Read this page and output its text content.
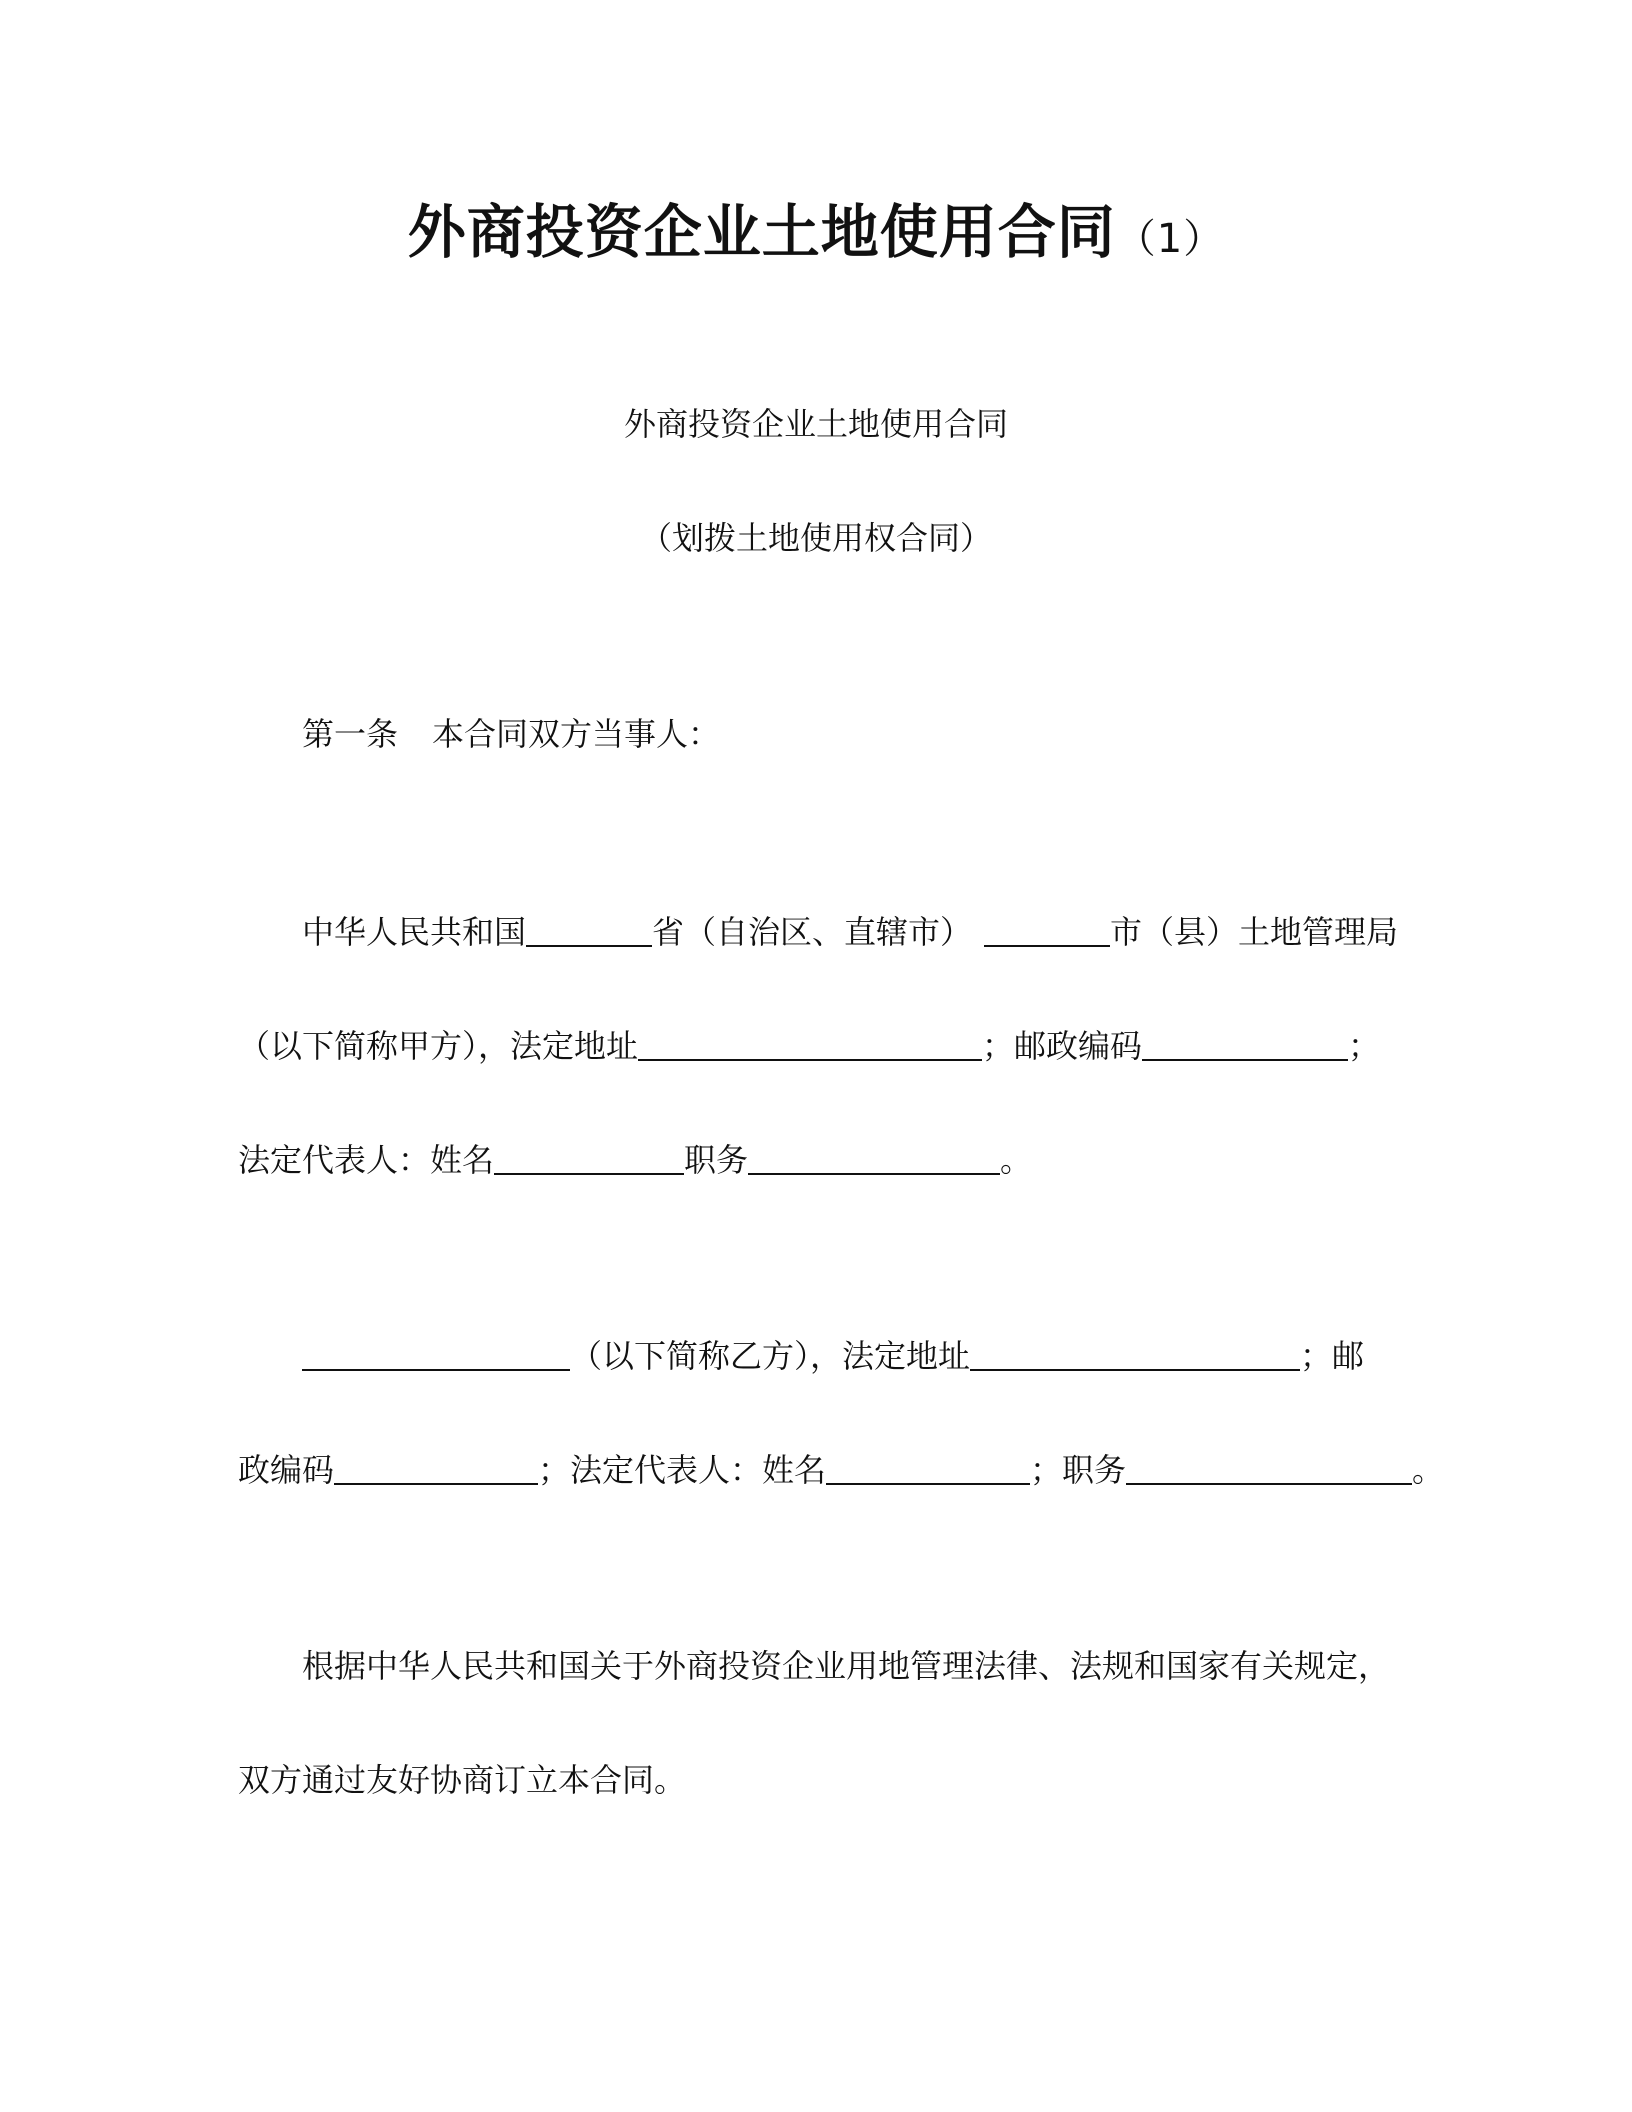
外商投资企业土地使用合同（1）
外商投资企业土地使用合同
（划拨土地使用权合同）
第一条 本合同双方当事人：
中华人民共和国	省（自治区、直辖市）	市（县）土地管理局
（以下简称甲方），法定地址	；邮政编码	；
法定代表人：姓名	职务	。
（以下简称乙方），法定地址	；邮
政编码	；法定代表人：姓名	；职务	。
根据中华人民共和国关于外商投资企业用地管理法律、法规和国家有关规定，
双方通过友好协商订立本合同。
